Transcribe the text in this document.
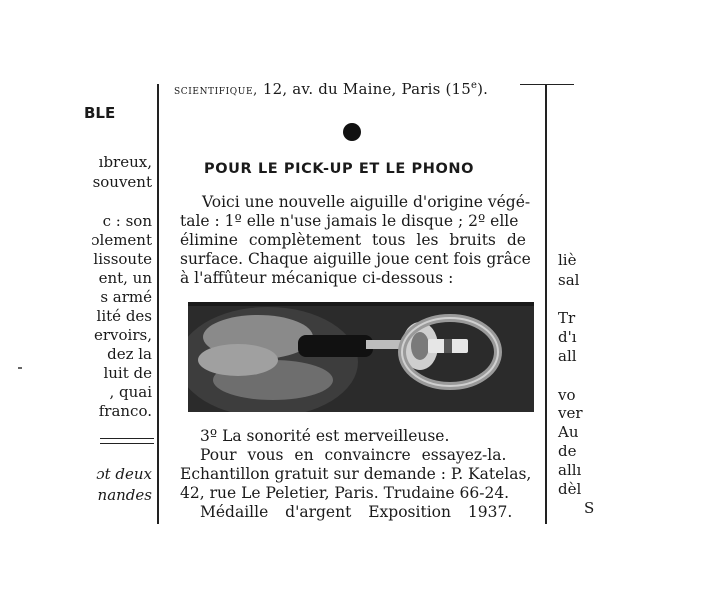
BLE
ıbreux,
souvent
c : son
ɔlement
lissoute
ent, un
s armé
lité des
ervoirs,
dez la
luit de
, quai
franco.
ɔt deux
nandes
scientifique, 12, av. du Maine, Paris (15e).
POUR LE PICK-UP ET LE PHONO
Voici une nouvelle aiguille d'origine végé-
tale : 1º elle n'use jamais le disque ; 2º elle
élimine complètement tous les bruits de
surface. Chaque aiguille joue cent fois grâce
à l'affûteur mécanique ci-dessous :
3º La sonorité est merveilleuse.
Pour vous en convaincre essayez-la.
Echantillon gratuit sur demande : P. Katelas,
42, rue Le Peletier, Paris. Trudaine 66-24.
Médaille d'argent Exposition 1937.
liè
sal
Tr
d'ı
all
vo
ver
Au
de
allı
dèl
S
